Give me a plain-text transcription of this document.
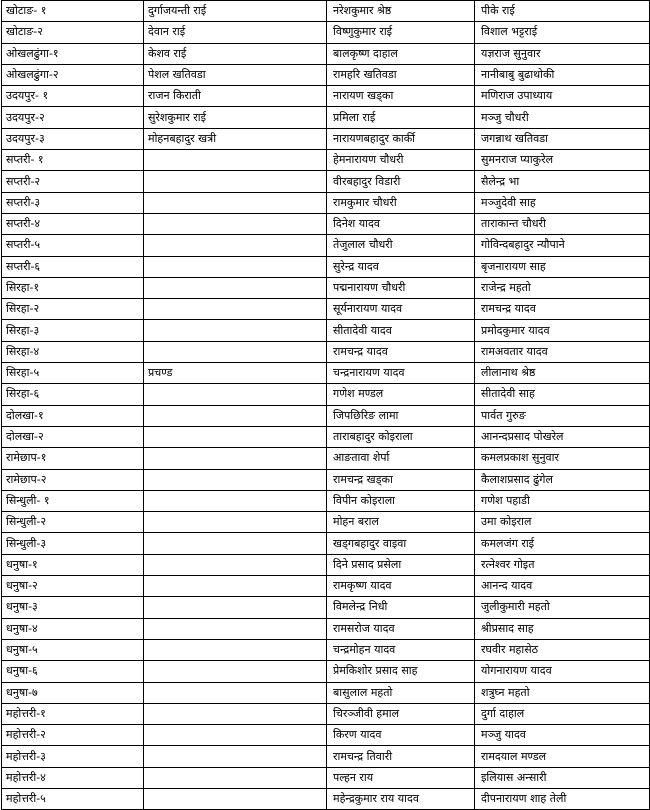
खोटाङ- १	दुर्गाजयन्ती राई	नरेशकुमार श्रेष्ठ	पीके राई
खोटाङ-२	देवान राई	विष्णुकुमार राई	विशाल भट्टराई
ओखलढुंगा-१	केशव राई	बालकृष्ण दाहाल	यज्ञराज सुनुवार
ओखलढुंगा-२	पेशल खतिवडा	रामहरि खतिवडा	नानीबाबु बुढाथोकी
उदयपुर- १	राजन किराती	नारायण खड्का	मणिराज उपाध्याय
उदयपुर-२	सुरेशकुमार राई	प्रमिला राई	मञ्जु चौधरी
उदयपुर-३	मोहनबहादुर खत्री	नारायणबहादुर कार्की	जगन्नाथ खतिवडा
सप्तरी- १		हेमनारायण चौधरी	सुमनराज प्याकुरेल
सप्तरी-२		वीरबहादुर विडारी	सैलेन्द्र भा
सप्तरी-३		रामकुमार चौधरी	मञ्जुदेवी साह
सप्तरी-४		दिनेश यादव	ताराकान्त चौधरी
सप्तरी-५		तेजुलाल चौधरी	गोविन्दबहादुर न्यौपाने
सप्तरी-६		सुरेन्द्र यादव	बृजनारायण साह
सिरहा-१		पद्मनारायण चौधरी	राजेन्द्र महतो
सिरहा-२		सूर्यनारायण यादव	रामचन्द्र यादव
सिरहा-३		सीतादेवी यादव	प्रमोदकुमार यादव
सिरहा-४		रामचन्द्र यादव	रामअवतार यादव
सिरहा-५	प्रचण्ड	चन्द्रनारायण यादव	लीलानाथ श्रेष्ठ
सिरहा-६		गणेश मण्डल	सीतादेवी साह
दोलखा-१		जिपछिरिङ लामा	पार्वत गुरुङ
दोलखा-२		ताराबहादुर कोइराला	आनन्दप्रसाद पोखरेल
रामेछाप-१		आङतावा शेर्पा	कमलप्रकाश सुनुवार
रामेछाप-२		रामचन्द्र खड्का	कैलाशप्रसाद ढुंगेल
सिन्धुली- १		विपीन कोइराला	गणेश पहाडी
सिन्धुली-२		मोहन बराल	उमा कोइराल
सिन्धुली-३		खड्गबहादुर वाइवा	कमलजंग राई
धनुषा-१		दिने प्रसाद प्रसेला	रत्नेश्वर गोइत
धनुषा-२		रामकृष्ण यादव	आनन्द यादव
धनुषा-३		विमलेन्द्र निधी	जुलीकुमारी महतो
धनुषा-४		रामसरोज यादव	श्रीप्रसाद साह
धनुषा-५		चन्द्रमोहन यादव	रघवीर महासेठ
धनुषा-६		प्रेमकिशोर प्रसाद साह	योगनारायण यादव
धनुषा-७		बासुलाल महतो	शत्रुघ्न महतो
महोत्तरी-१		चिरञ्जीवी हमाल	दुर्गा दाहाल
महोत्तरी-२		किरण यादव	मञ्जु यादव
महोत्तरी-३		रामचन्द्र तिवारी	रामदयाल मण्डल
महोत्तरी-४		पल्हन राय	इलियास अन्सारी
महोत्तरी-५		महेन्द्रकुमार राय यादव	दीपनारायण शाह तेली
